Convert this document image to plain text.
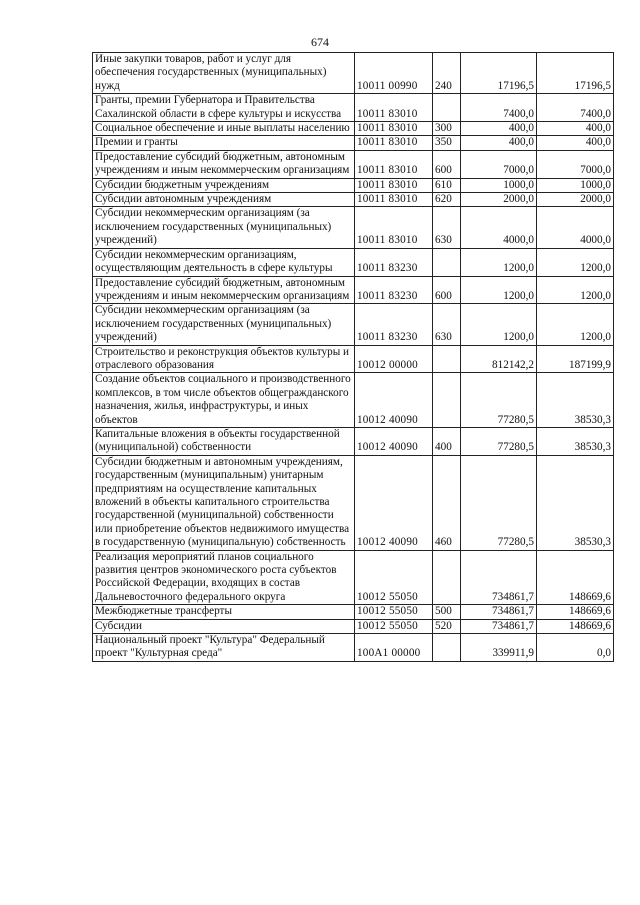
674
Иные закупки товаров, работ и услуг для обеспечения государственных (муниципальных) нужд	10011 00990	240	17196,5	17196,5
Гранты, премии Губернатора и Правительства Сахалинской области в сфере культуры и искусства	10011 83010		7400,0	7400,0
Социальное обеспечение и иные выплаты населению	10011 83010	300	400,0	400,0
Премии и гранты	10011 83010	350	400,0	400,0
Предоставление субсидий бюджетным, автономным учреждениям и иным некоммерческим организациям	10011 83010	600	7000,0	7000,0
Субсидии бюджетным учреждениям	10011 83010	610	1000,0	1000,0
Субсидии автономным учреждениям	10011 83010	620	2000,0	2000,0
Субсидии некоммерческим организациям (за исключением государственных (муниципальных) учреждений)	10011 83010	630	4000,0	4000,0
Субсидии некоммерческим организациям, осуществляющим деятельность в сфере культуры	10011 83230		1200,0	1200,0
Предоставление субсидий бюджетным, автономным учреждениям и иным некоммерческим организациям	10011 83230	600	1200,0	1200,0
Субсидии некоммерческим организациям (за исключением государственных (муниципальных) учреждений)	10011 83230	630	1200,0	1200,0
Строительство и реконструкция объектов культуры и отраслевого образования	10012 00000		812142,2	187199,9
Создание объектов социального и производственного комплексов, в том числе объектов общегражданского назначения, жилья, инфраструктуры, и иных объектов	10012 40090		77280,5	38530,3
Капитальные вложения в объекты государственной (муниципальной) собственности	10012 40090	400	77280,5	38530,3
Субсидии бюджетным и автономным учреждениям, государственным (муниципальным) унитарным предприятиям на осуществление капитальных вложений в объекты капитального строительства государственной (муниципальной) собственности или приобретение объектов недвижимого имущества в государственную (муниципальную) собственность	10012 40090	460	77280,5	38530,3
Реализация мероприятий планов социального развития центров экономического роста субъектов Российской Федерации, входящих в состав Дальневосточного федерального округа	10012 55050		734861,7	148669,6
Межбюджетные трансферты	10012 55050	500	734861,7	148669,6
Субсидии	10012 55050	520	734861,7	148669,6
Национальный проект "Культура" Федеральный проект "Культурная среда"	100А1 00000		339911,9	0,0
